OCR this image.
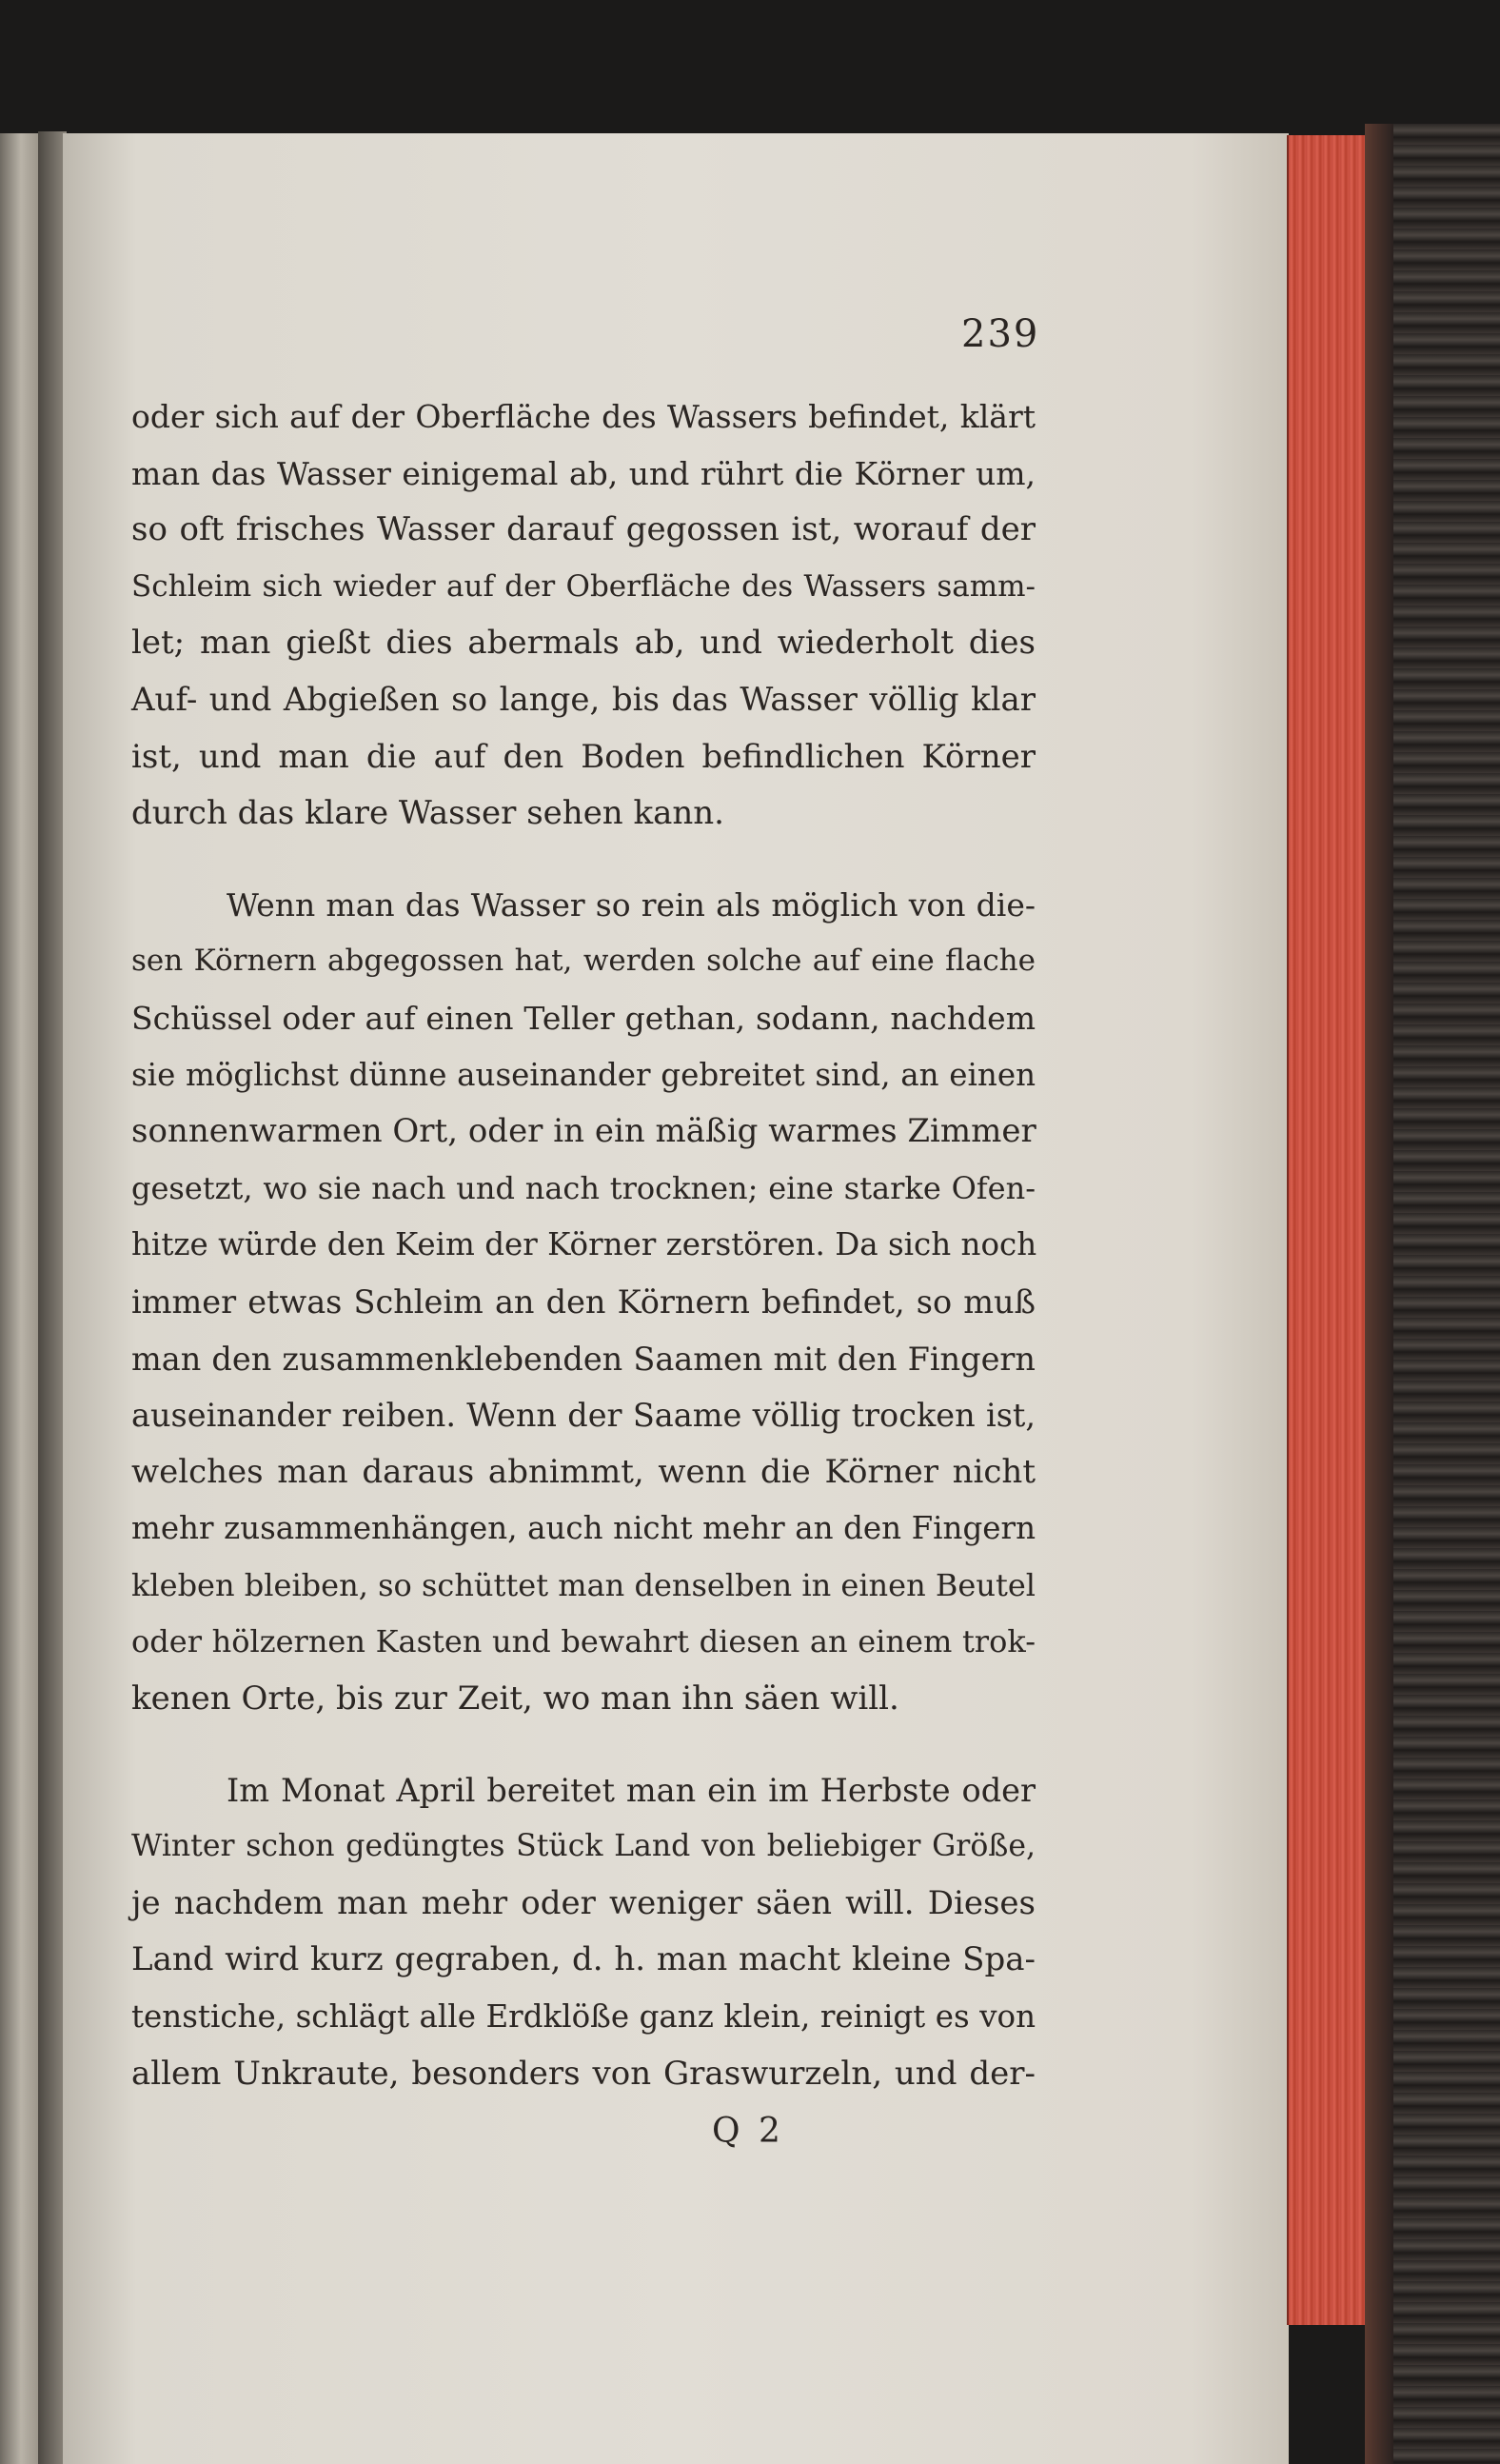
239
oder sich auf der Oberfläche des Wassers befindet, klärt
man das Wasser einigemal ab, und rührt die Körner um,
so oft frisches Wasser darauf gegossen ist, worauf der
Schleim sich wieder auf der Oberfläche des Wassers samm-
let; man gießt dies abermals ab, und wiederholt dies
Auf- und Abgießen so lange, bis das Wasser völlig klar
ist, und man die auf den Boden befindlichen Körner
durch das klare Wasser sehen kann.
Wenn man das Wasser so rein als möglich von die-
sen Körnern abgegossen hat, werden solche auf eine flache
Schüssel oder auf einen Teller gethan, sodann, nachdem
sie möglichst dünne auseinander gebreitet sind, an einen
sonnenwarmen Ort, oder in ein mäßig warmes Zimmer
gesetzt, wo sie nach und nach trocknen; eine starke Ofen-
hitze würde den Keim der Körner zerstören. Da sich noch
immer etwas Schleim an den Körnern befindet, so muß
man den zusammenklebenden Saamen mit den Fingern
auseinander reiben. Wenn der Saame völlig trocken ist,
welches man daraus abnimmt, wenn die Körner nicht
mehr zusammenhängen, auch nicht mehr an den Fingern
kleben bleiben, so schüttet man denselben in einen Beutel
oder hölzernen Kasten und bewahrt diesen an einem trok-
kenen Orte, bis zur Zeit, wo man ihn säen will.
Im Monat April bereitet man ein im Herbste oder
Winter schon gedüngtes Stück Land von beliebiger Größe,
je nachdem man mehr oder weniger säen will. Dieses
Land wird kurz gegraben, d. h. man macht kleine Spa-
tenstiche, schlägt alle Erdklöße ganz klein, reinigt es von
allem Unkraute, besonders von Graswurzeln, und der-
Q 2
